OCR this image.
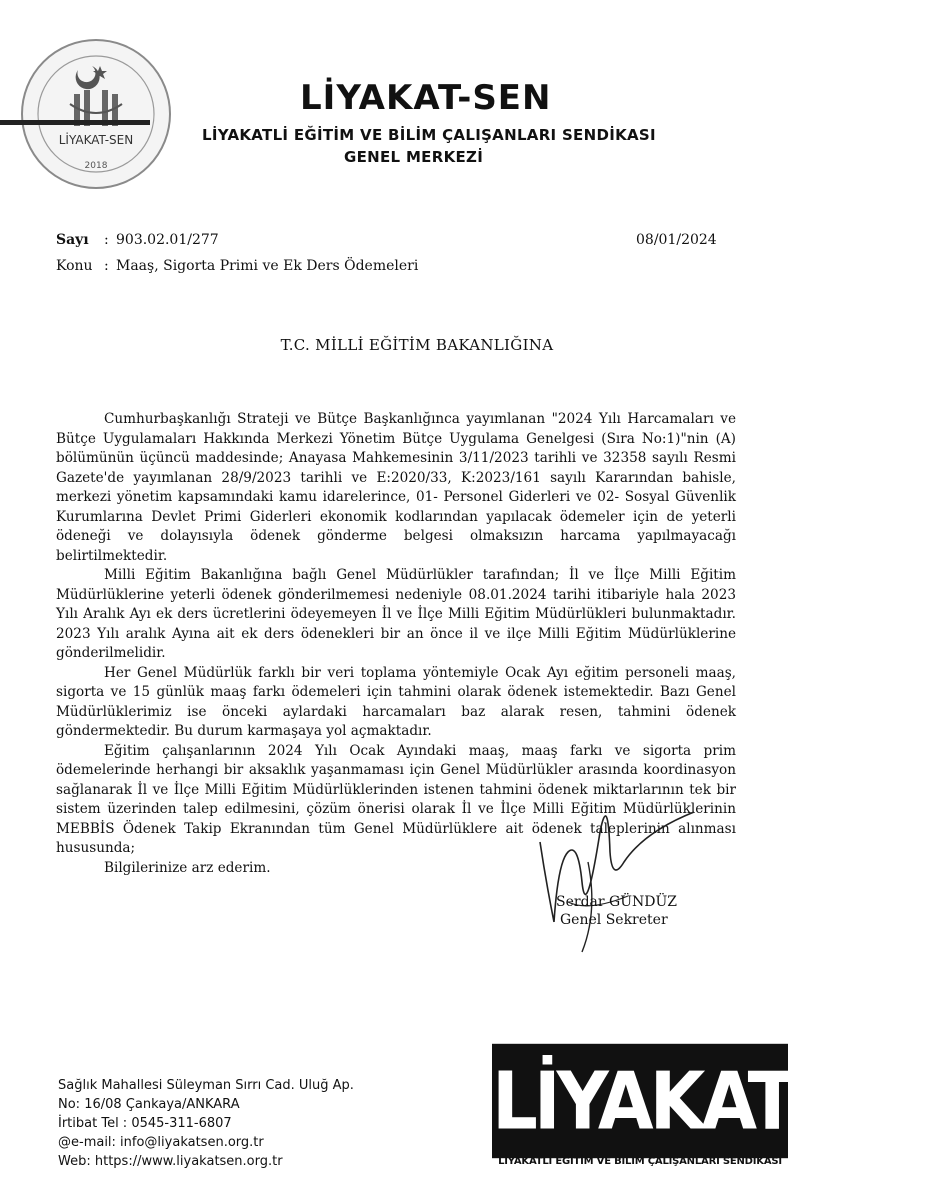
LİYAKAT-SEN
2018
LİYAKAT-SEN
LİYAKATLİ EĞİTİM VE BİLİM ÇALIŞANLARI SENDİKASI
GENEL MERKEZİ
Sayı : 903.02.01/277
Konu : Maaş, Sigorta Primi ve Ek Ders Ödemeleri
08/01/2024
T.C. MİLLİ EĞİTİM BAKANLIĞINA

Cumhurbaşkanlığı Strateji ve Bütçe Başkanlığınca yayımlanan "2024 Yılı Harcamaları ve Bütçe Uygulamaları Hakkında Merkezi Yönetim Bütçe Uygulama Genelgesi (Sıra No:1)"nin (A) bölümünün üçüncü maddesinde; Anayasa Mahkemesinin 3/11/2023 tarihli ve 32358 sayılı Resmi Gazete'de yayımlanan 28/9/2023 tarihli ve E:2020/33, K:2023/161 sayılı Kararından bahisle, merkezi yönetim kapsamındaki kamu idarelerince, 01- Personel Giderleri ve 02- Sosyal Güvenlik Kurumlarına Devlet Primi Giderleri ekonomik kodlarından yapılacak ödemeler için de yeterli ödeneği ve dolayısıyla ödenek gönderme belgesi olmaksızın harcama yapılmayacağı belirtilmektedir.

Milli Eğitim Bakanlığına bağlı Genel Müdürlükler tarafından; İl ve İlçe Milli Eğitim Müdürlüklerine yeterli ödenek gönderilmemesi nedeniyle 08.01.2024 tarihi itibariyle hala 2023 Yılı Aralık Ayı ek ders ücretlerini ödeyemeyen İl ve İlçe Milli Eğitim Müdürlükleri bulunmaktadır. 2023 Yılı aralık Ayına ait ek ders ödenekleri bir an önce il ve ilçe Milli Eğitim Müdürlüklerine gönderilmelidir.

Her Genel Müdürlük farklı bir veri toplama yöntemiyle Ocak Ayı eğitim personeli maaş, sigorta ve 15 günlük maaş farkı ödemeleri için tahmini olarak ödenek istemektedir. Bazı Genel Müdürlüklerimiz ise önceki aylardaki harcamaları baz alarak resen, tahmini ödenek göndermektedir. Bu durum karmaşaya yol açmaktadır.

Eğitim çalışanlarının 2024 Yılı Ocak Ayındaki maaş, maaş farkı ve sigorta prim ödemelerinde herhangi bir aksaklık yaşanmaması için Genel Müdürlükler arasında koordinasyon sağlanarak İl ve İlçe Milli Eğitim Müdürlüklerinden istenen tahmini ödenek miktarlarının tek bir sistem üzerinden talep edilmesini, çözüm önerisi olarak İl ve İlçe Milli Eğitim Müdürlüklerinin MEBBİS Ödenek Takip Ekranından tüm Genel Müdürlüklere ait ödenek taleplerinin alınması hususunda;

Bilgilerinize arz ederim.

Serdar GÜNDÜZ
Genel Sekreter
Sağlık Mahallesi Süleyman Sırrı Cad. Uluğ Ap.
No: 16/08 Çankaya/ANKARA
İrtibat Tel : 0545-311-6807
@e-mail: info@liyakatsen.org.tr
Web: https://www.liyakatsen.org.tr
LİYAKATSEN
LİYAKATLI EĞİTİM VE BİLİM ÇALIŞANLARI SENDİKASI
